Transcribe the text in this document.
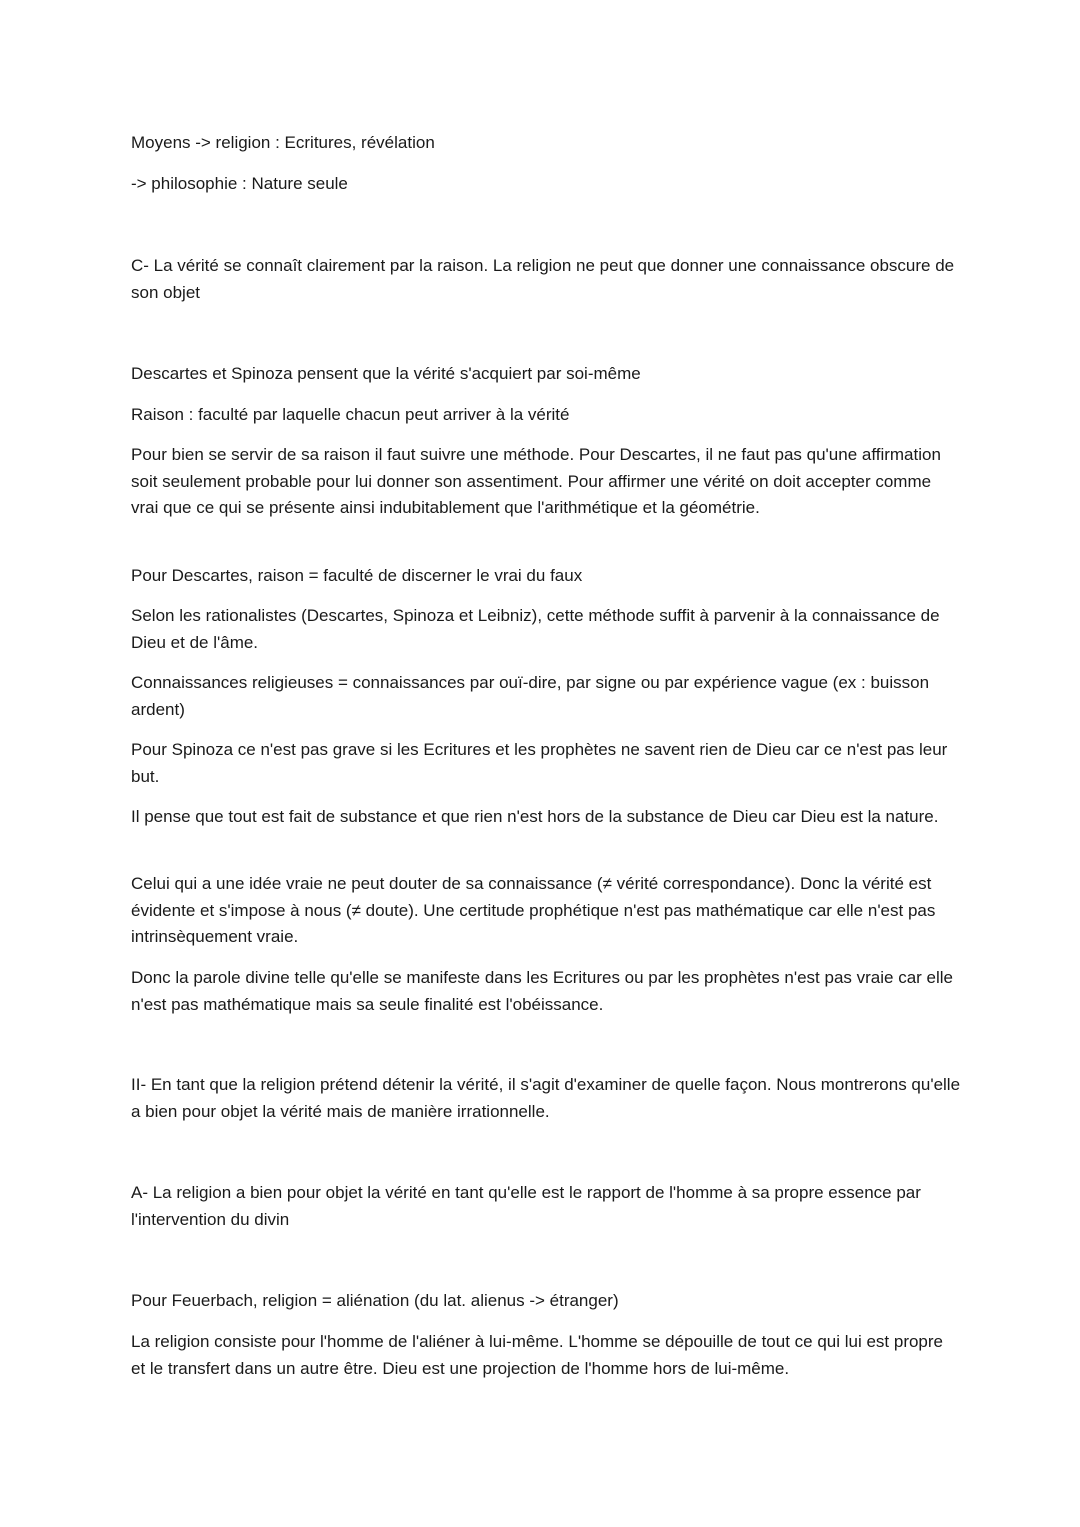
Moyens -> religion : Ecritures, révélation

-> philosophie : Nature seule

C- La vérité se connaît clairement par la raison. La religion ne peut que donner une connaissance obscure de son objet

Descartes et Spinoza pensent que la vérité s'acquiert par soi-même

Raison : faculté par laquelle chacun peut arriver à la vérité

Pour bien se servir de sa raison il faut suivre une méthode. Pour Descartes, il ne faut pas qu'une affirmation soit seulement probable pour lui donner son assentiment. Pour affirmer une vérité on doit accepter comme vrai que ce qui se présente ainsi indubitablement que l'arithmétique et la géométrie.

Pour Descartes, raison = faculté de discerner le vrai du faux

Selon les rationalistes (Descartes, Spinoza et Leibniz), cette méthode suffit à parvenir à la connaissance de Dieu et de l'âme.

Connaissances religieuses = connaissances par ouï-dire, par signe ou par expérience vague (ex : buisson ardent)

Pour Spinoza ce n'est pas grave si les Ecritures et les prophètes ne savent rien de Dieu car ce n'est pas leur but.

Il pense que tout est fait de substance et que rien n'est hors de la substance de Dieu car Dieu est la nature.

Celui qui a une idée vraie ne peut douter de sa connaissance (≠ vérité correspondance). Donc la vérité est évidente et s'impose à nous (≠ doute). Une certitude prophétique n'est pas mathématique car elle n'est pas intrinsèquement vraie.

Donc la parole divine telle qu'elle se manifeste dans les Ecritures ou par les prophètes n'est pas vraie car elle n'est pas mathématique mais sa seule finalité est l'obéissance.

II- En tant que la religion prétend détenir la vérité, il s'agit d'examiner de quelle façon. Nous montrerons qu'elle a bien pour objet la vérité mais de manière irrationnelle.

A- La religion a bien pour objet la vérité en tant qu'elle est le rapport de l'homme à sa propre essence par l'intervention du divin

Pour Feuerbach, religion = aliénation (du lat. alienus -> étranger)

La religion consiste pour l'homme de l'aliéner à lui-même. L'homme se dépouille de tout ce qui lui est propre et le transfert dans un autre être. Dieu est une projection de l'homme hors de lui-même.
